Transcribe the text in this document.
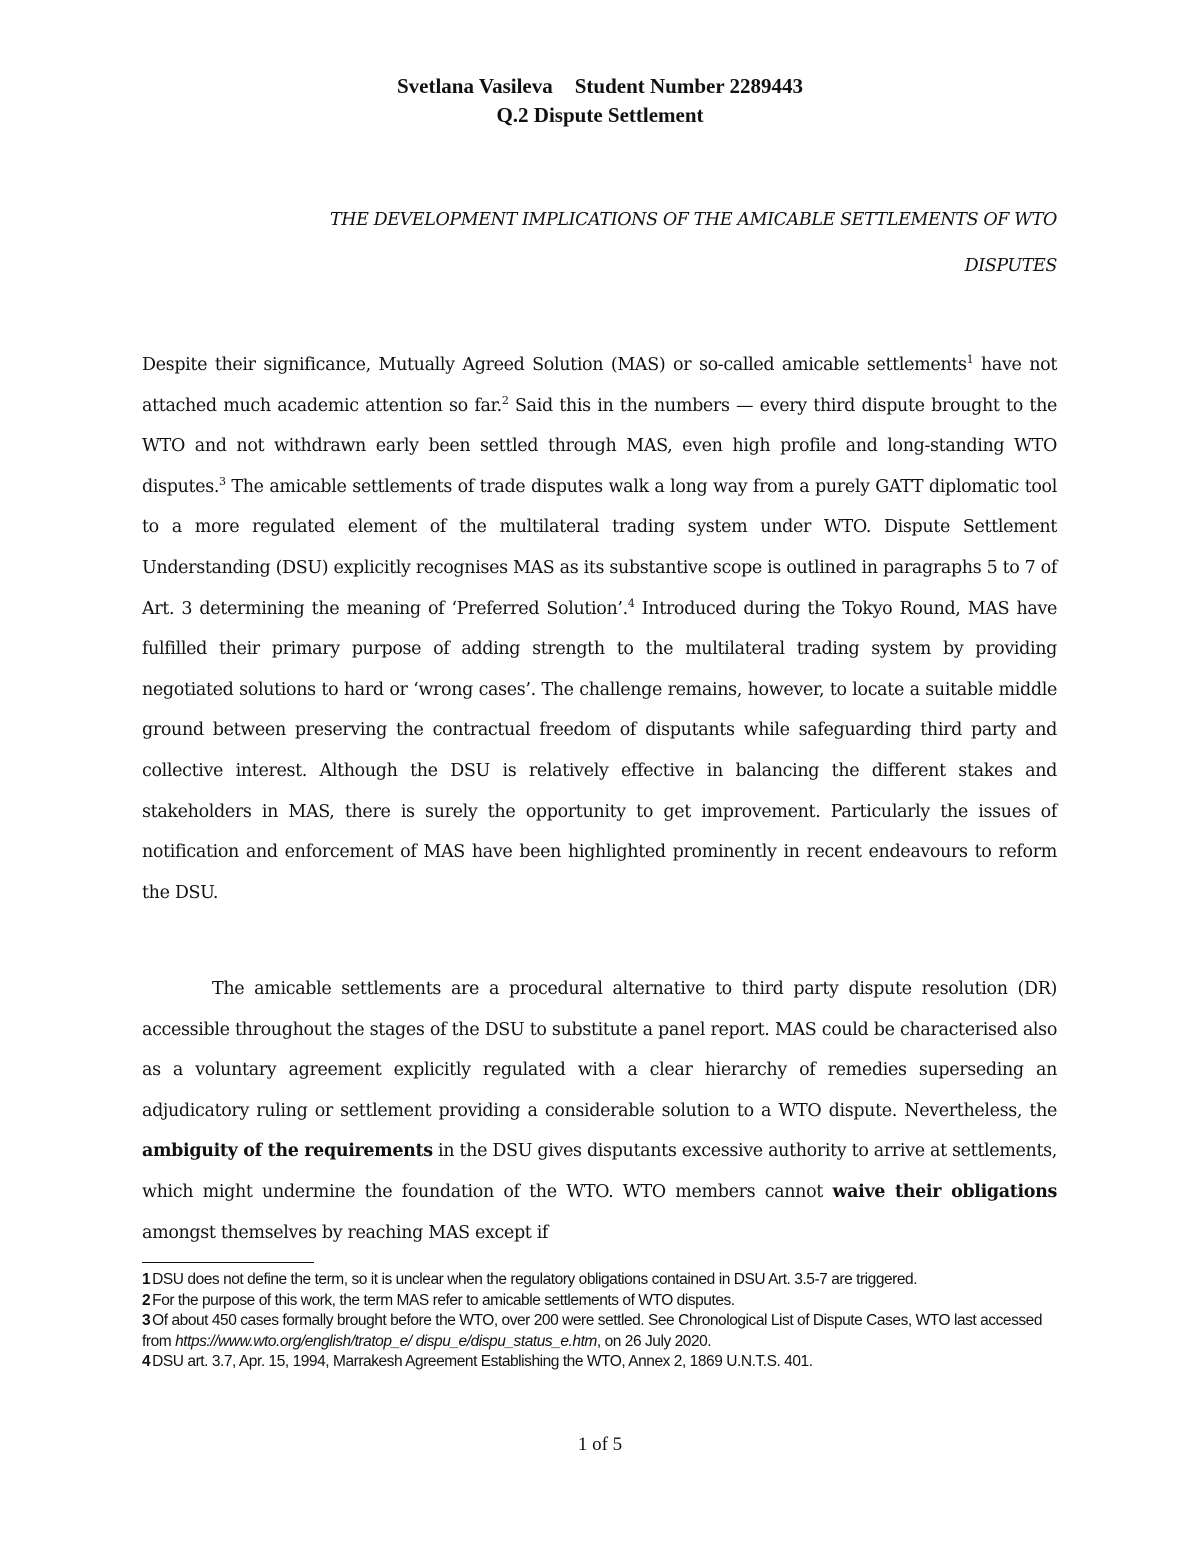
Svetlana Vasileva Student Number 2289443
Q.2 Dispute Settlement
THE DEVELOPMENT IMPLICATIONS OF THE AMICABLE SETTLEMENTS OF WTO
DISPUTES
Despite their significance, Mutually Agreed Solution (MAS) or so-called amicable settlements$^1$ have not attached much academic attention so far.$^2$ Said this in the numbers — every third dispute brought to the WTO and not withdrawn early been settled through MAS, even high profile and long-standing WTO disputes.$^3$ The amicable settlements of trade disputes walk a long way from a purely GATT diplomatic tool to a more regulated element of the multilateral trading system under WTO. Dispute Settlement Understanding (DSU) explicitly recognises MAS as its substantive scope is outlined in paragraphs 5 to 7 of Art. 3 determining the meaning of ‘Preferred Solution’.$^4$ Introduced during the Tokyo Round, MAS have fulfilled their primary purpose of adding strength to the multilateral trading system by providing negotiated solutions to hard or ‘wrong cases’. The challenge remains, however, to locate a suitable middle ground between preserving the contractual freedom of disputants while safeguarding third party and collective interest. Although the DSU is relatively effective in balancing the different stakes and stakeholders in MAS, there is surely the opportunity to get improvement. Particularly the issues of notification and enforcement of MAS have been highlighted prominently in recent endeavours to reform the DSU.
The amicable settlements are a procedural alternative to third party dispute resolution (DR) accessible throughout the stages of the DSU to substitute a panel report. MAS could be characterised also as a voluntary agreement explicitly regulated with a clear hierarchy of remedies superseding an adjudicatory ruling or settlement providing a considerable solution to a WTO dispute. Nevertheless, the ambiguity of the requirements in the DSU gives disputants excessive authority to arrive at settlements, which might undermine the foundation of the WTO. WTO members cannot waive their obligations amongst themselves by reaching MAS except if

1 DSU does not define the term, so it is unclear when the regulatory obligations contained in DSU Art. 3.5-7 are triggered.

2 For the purpose of this work, the term MAS refer to amicable settlements of WTO disputes.

3 Of about 450 cases formally brought before the WTO, over 200 were settled. See Chronological List of Dispute Cases, WTO last accessed from https://www.wto.org/english/tratop_e/ dispu_e/dispu_status_e.htm, on 26 July 2020.

4 DSU art. 3.7, Apr. 15, 1994, Marrakesh Agreement Establishing the WTO, Annex 2, 1869 U.N.T.S. 401.

1 of 5
